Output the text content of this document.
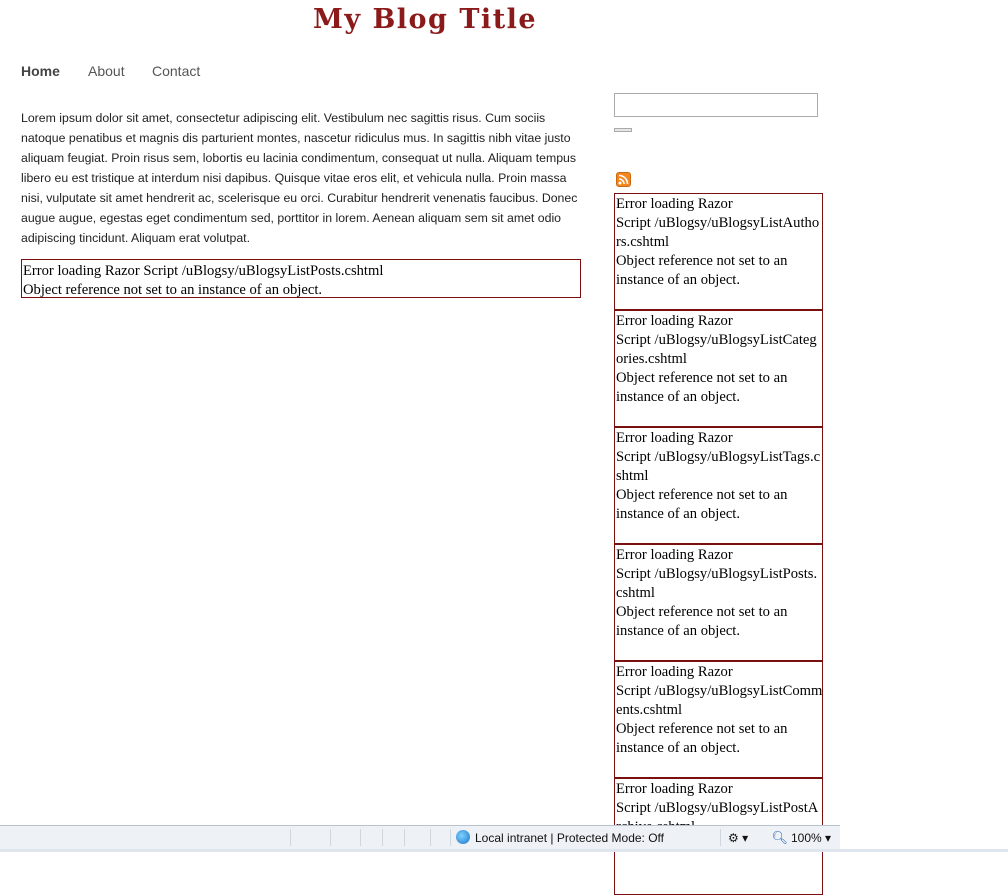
My Blog Title
Home About Contact

Lorem ipsum dolor sit amet, consectetur adipiscing elit. Vestibulum nec sagittis risus. Cum sociis natoque penatibus et magnis dis parturient montes, nascetur ridiculus mus. In sagittis nibh vitae justo aliquam feugiat. Proin risus sem, lobortis eu lacinia condimentum, consequat ut nulla. Aliquam tempus libero eu est tristique at interdum nisi dapibus. Quisque vitae eros elit, et vehicula nulla. Proin massa nisi, vulputate sit amet hendrerit ac, scelerisque eu orci. Curabitur hendrerit venenatis faucibus. Donec augue augue, egestas eget condimentum sed, porttitor in lorem. Aenean aliquam sem sit amet odio adipiscing tincidunt. Aliquam erat volutpat.

Error loading Razor Script /uBlogsy/uBlogsyListPosts.cshtml
Object reference not set to an instance of an object.
Error loading Razor
Script /uBlogsy/uBlogsyListAutho
rs.cshtml
Object reference not set to an
instance of an object.
Error loading Razor
Script /uBlogsy/uBlogsyListCateg
ories.cshtml
Object reference not set to an
instance of an object.
Error loading Razor
Script /uBlogsy/uBlogsyListTags.c
shtml
Object reference not set to an
instance of an object.
Error loading Razor
Script /uBlogsy/uBlogsyListPosts.
cshtml
Object reference not set to an
instance of an object.
Error loading Razor
Script /uBlogsy/uBlogsyListComm
ents.cshtml
Object reference not set to an
instance of an object.
Error loading Razor
Script /uBlogsy/uBlogsyListPostA
Local intranet | Protected Mode: Off	⚙ ▾ 🔍︎ 100% ▾
